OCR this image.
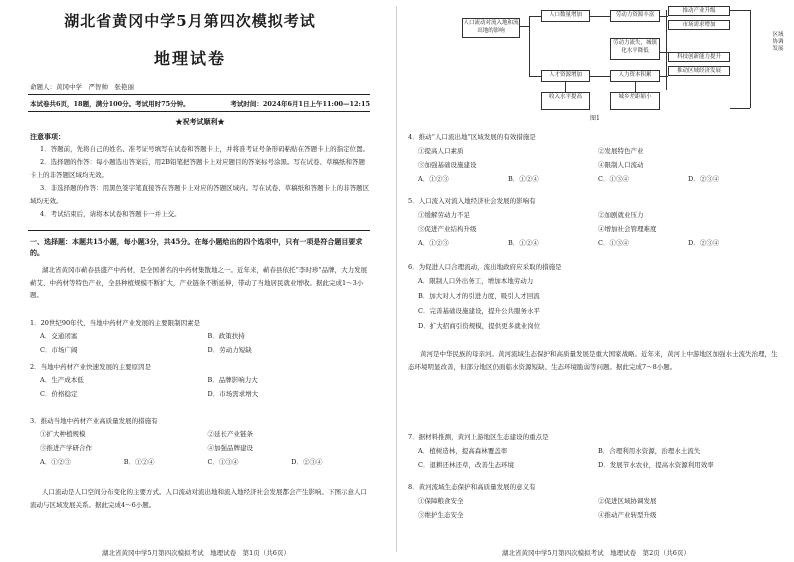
湖北省黄冈中学5月第四次模拟考试
地理试卷
命题人：黄冈中学　严智帅　张艳丽
本试卷共6页，18题，满分100分。考试用时75分钟。	考试时间：2024年6月1日上午11:00—12:15
★祝考试顺利★
注意事项：

1．答题前，先将自己的姓名、准考证号填写在试卷和答题卡上，并将准考证号条形码粘贴在答题卡上的指定位置。

2．选择题的作答：每小题选出答案后，用2B铅笔把答题卡上对应题目的答案标号涂黑。写在试卷、草稿纸和答题卡上的非答题区域均无效。

3．非选择题的作答：用黑色签字笔直接答在答题卡上对应的答题区域内。写在试卷、草稿纸和答题卡上的非答题区域均无效。

4．考试结束后，请将本试卷和答题卡一并上交。

一、选择题：本题共15小题，每小题3分，共45分。在每小题给出的四个选项中，只有一项是符合题目要求的。
湖北省黄冈市蕲春县盛产中药材，是全国著名的中药材集散地之一。近年来，蕲春县依托“李时珍”品牌，大力发展蕲艾、中药材等特色产业，全县种植规模不断扩大，产业链条不断延伸，带动了当地居民就业增收。据此完成1～3小题。
1．20世纪90年代，当地中药材产业发展的主要限制因素是
A．交通闭塞	B．政策扶持
C．市场广阔	D．劳动力短缺
2．当地中药材产业快速发展的主要原因是
A．生产成本低	B．品牌影响力大
C．价格稳定	D．市场需求增大
3．推动当地中药材产业高质量发展的措施有
①扩大种植规模	②延长产业链条
③推进产学研合作	④加强品牌建设
A．①②③	B．①②④	C．①③④	D．②③④
人口流动是人口空间分布变化的主要方式。人口流动对流出地和流入地经济社会发展都会产生影响。下图示意人口流动与区域发展关系。据此完成4～6小题。
湖北省黄冈中学5月第四次模拟考试　地理试卷　第1页（共6页）
人口流动对流入地和流出地的影响
人口数量增加	劳动力资源丰富
劳动力流失，城镇化水平降低
人才资源增加	人力资本积累
推动产业升级
市场需求增加
科技创新能力提升
推动区域经济发展
收入水平提高	城乡差距缩小
区域协调发展
图1
4．推动“人口流出地”区域发展的有效措施是
①提高人口素质	②发展特色产业
③加强基础设施建设	④限制人口流动
A．①②③	B．①②④	C．①③④	D．②③④
5．人口流入对流入地经济社会发展的影响有
①缓解劳动力不足	②加剧就业压力
③促进产业结构升级	④增加社会管理难度
A．①②③	B．①②④	C．①③④	D．②③④
6．为促进人口合理流动，流出地政府应采取的措施是
A．限制人口外出务工，增加本地劳动力
B．加大对人才的引进力度，吸引人才回流
C．完善基础设施建设，提升公共服务水平
D．扩大招商引资规模，提供更多就业岗位
黄河是中华民族的母亲河。黄河流域生态保护和高质量发展是重大国家战略。近年来，黄河上中游地区加强水土流失治理，生态环境明显改善，但部分地区仍面临水资源短缺、生态环境脆弱等问题。据此完成7～8小题。
7．据材料推测，黄河上游地区生态建设的重点是
A．植树造林，提高森林覆盖率	B．合理利用水资源，治理水土流失
C．退耕还林还草，改善生态环境	D．发展节水农业，提高水资源利用效率
8．黄河流域生态保护和高质量发展的意义有
①保障粮食安全	②促进区域协调发展
③维护生态安全	④推动产业转型升级
湖北省黄冈中学5月第四次模拟考试　地理试卷　第2页（共6页）
